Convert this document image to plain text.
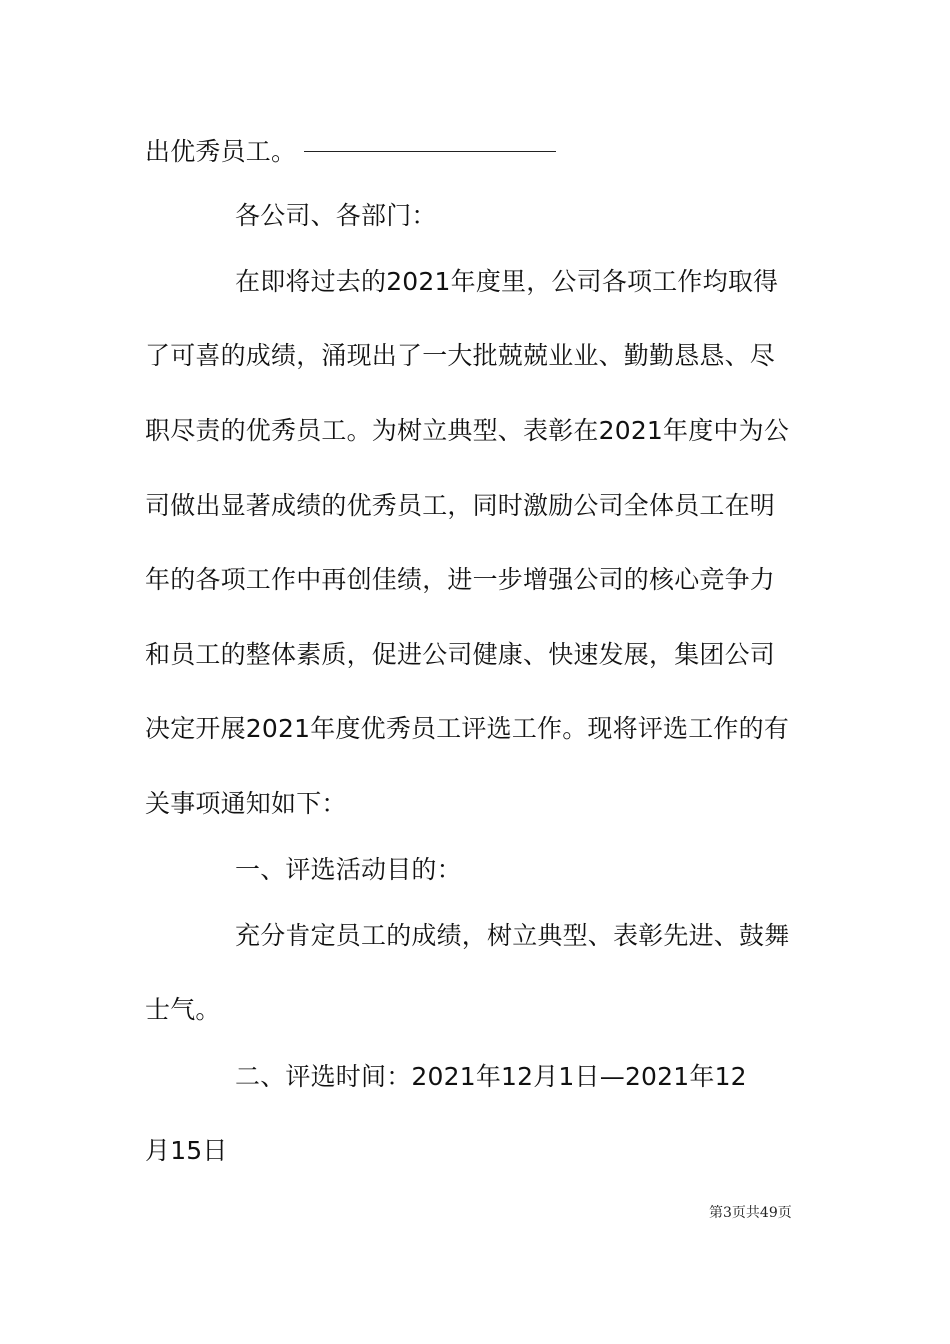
出优秀员工。
各公司、各部门：
在即将过去的2021年度里，公司各项工作均取得
了可喜的成绩，涌现出了一大批兢兢业业、勤勤恳恳、尽
职尽责的优秀员工。为树立典型、表彰在2021年度中为公
司做出显著成绩的优秀员工，同时激励公司全体员工在明
年的各项工作中再创佳绩，进一步增强公司的核心竞争力
和员工的整体素质，促进公司健康、快速发展，集团公司
决定开展2021年度优秀员工评选工作。现将评选工作的有
关事项通知如下：
一、评选活动目的：
充分肯定员工的成绩，树立典型、表彰先进、鼓舞
士气。
二、评选时间：2021年12月1日—2021年12
月15日
第3页共49页
